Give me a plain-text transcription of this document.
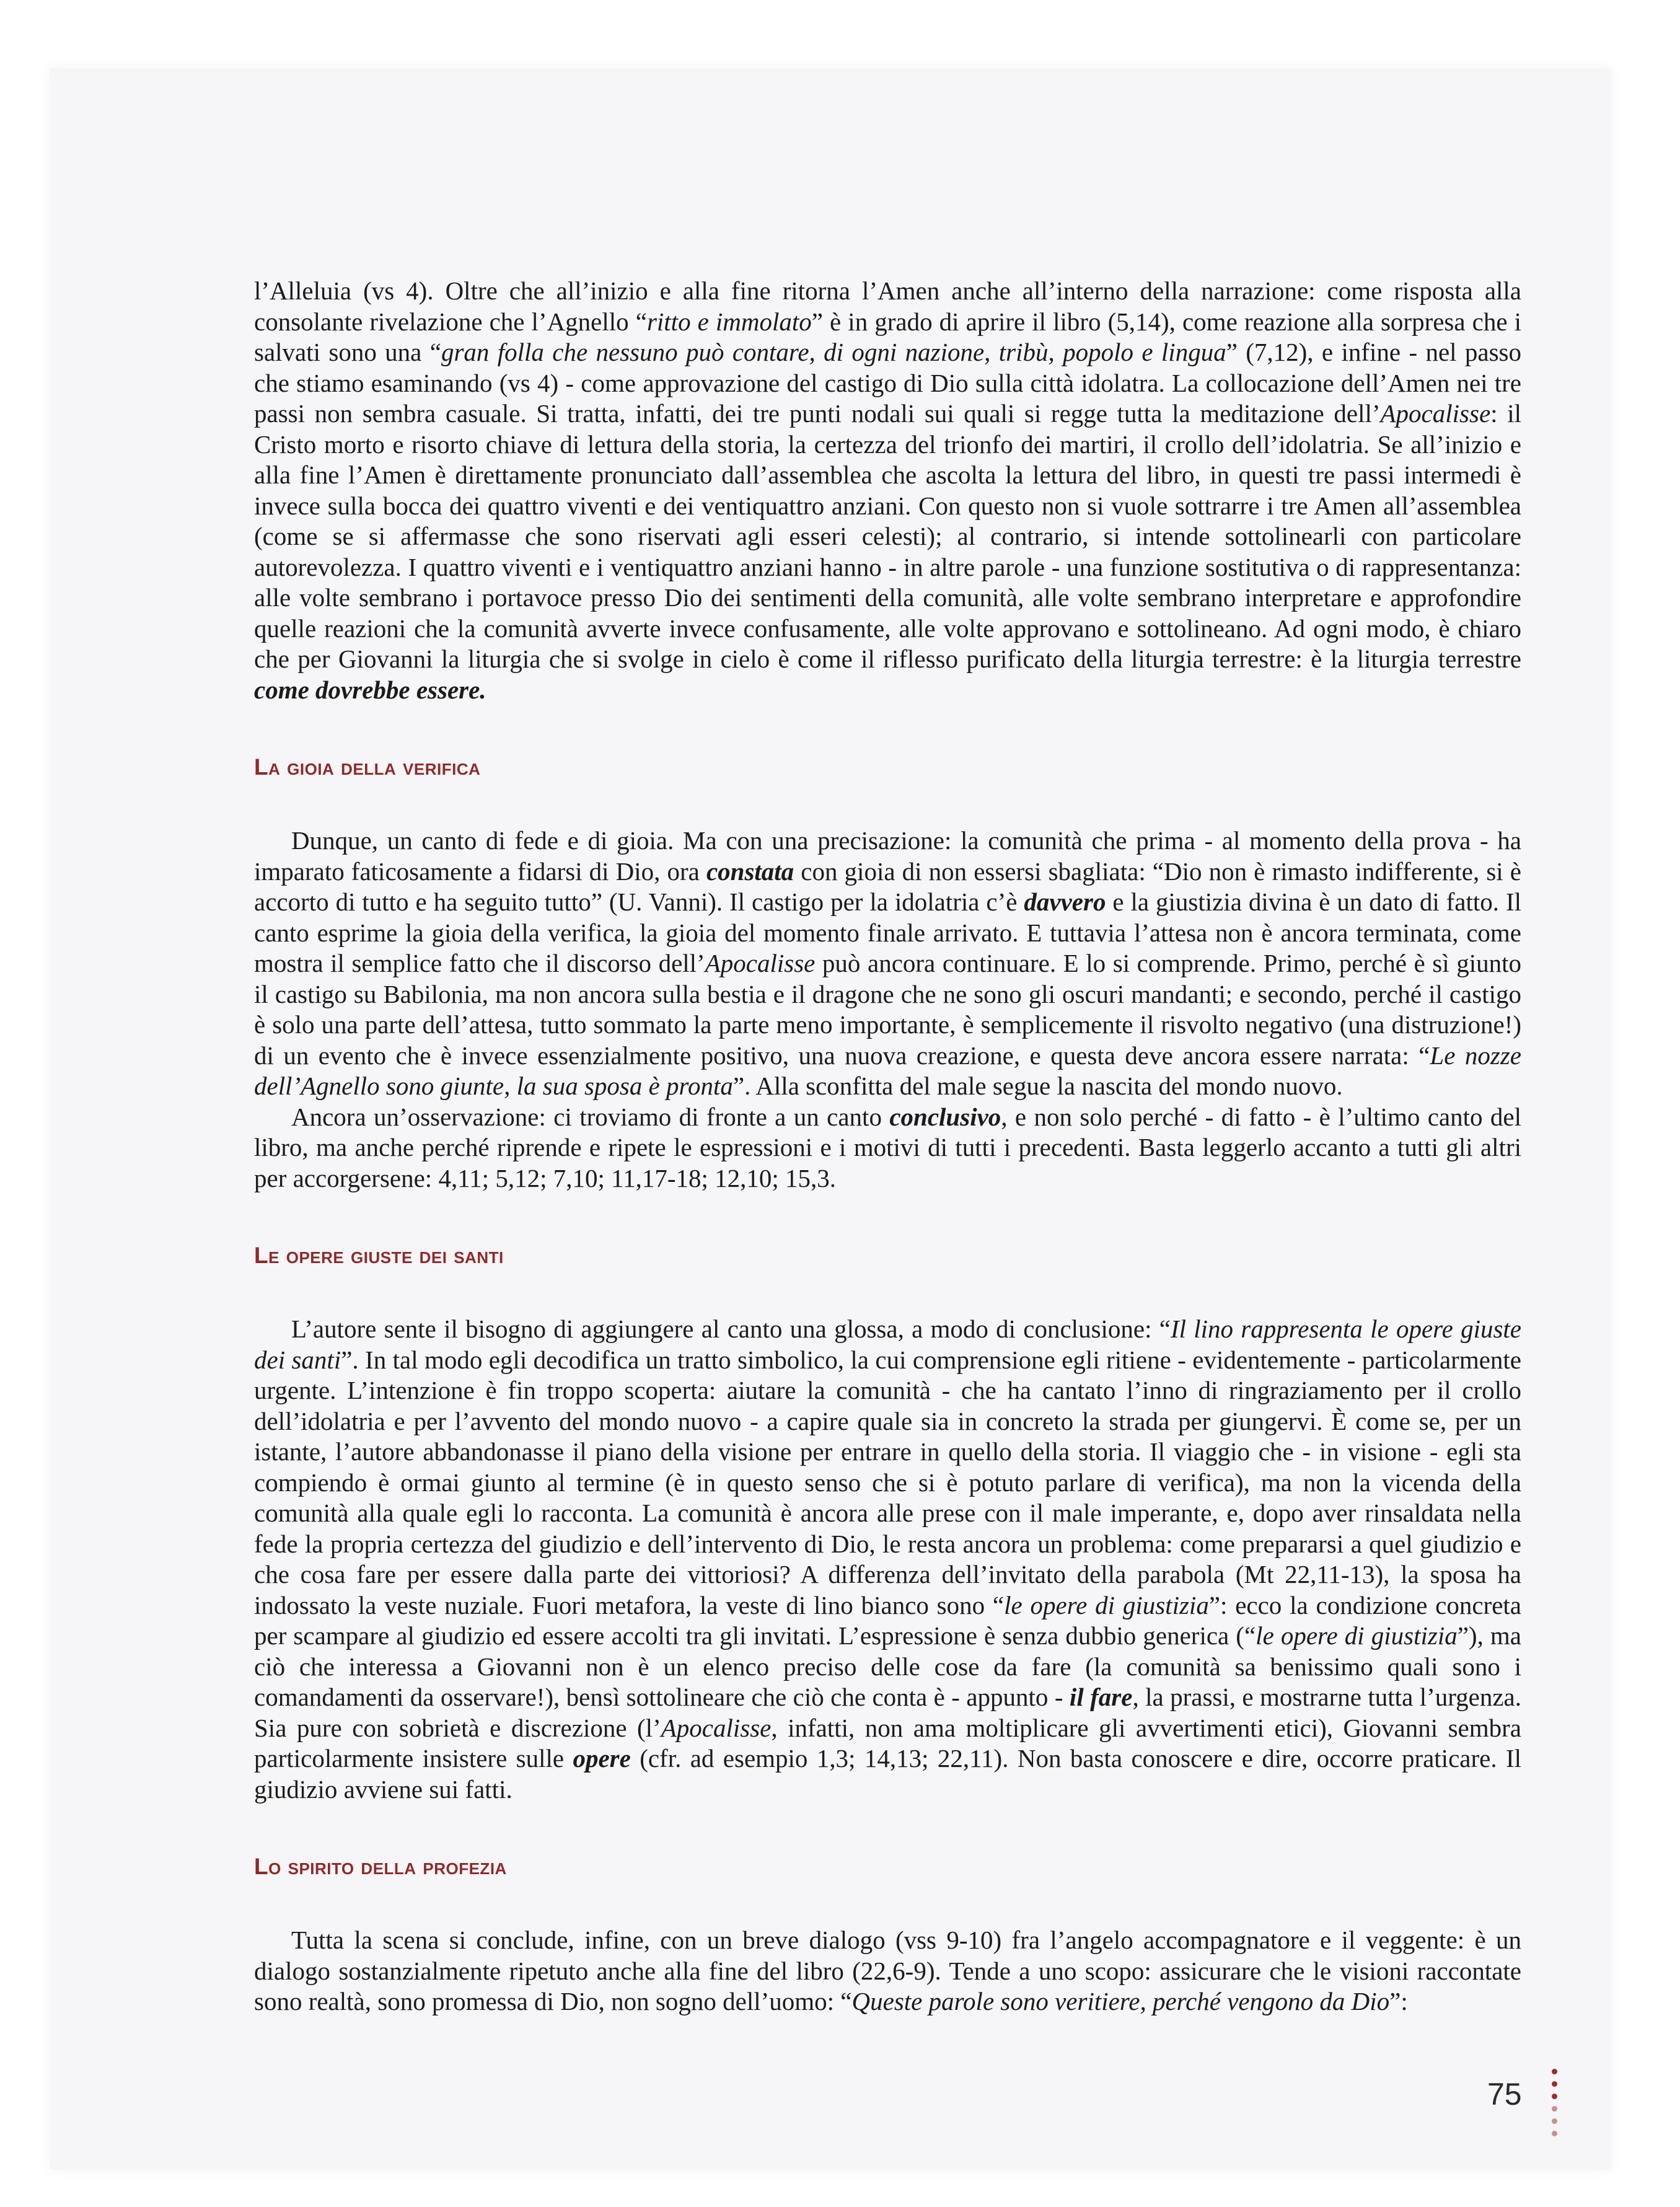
l’Alleluia (vs 4). Oltre che all’inizio e alla fine ritorna l’Amen anche all’interno della narrazione: come risposta alla consolante rivelazione che l’Agnello “ritto e immolato” è in grado di aprire il libro (5,14), come reazione alla sorpresa che i salvati sono una “gran folla che nessuno può contare, di ogni nazione, tribù, popolo e lingua” (7,12), e infine - nel passo che stiamo esaminando (vs 4) - come approvazione del castigo di Dio sulla città idolatra. La collocazione dell’Amen nei tre passi non sembra casuale. Si tratta, infatti, dei tre punti nodali sui quali si regge tutta la meditazione dell’Apocalisse: il Cristo morto e risorto chiave di lettura della storia, la certezza del trionfo dei martiri, il crollo dell’idolatria. Se all’inizio e alla fine l’Amen è direttamente pronunciato dall’assemblea che ascolta la lettura del libro, in questi tre passi intermedi è invece sulla bocca dei quattro viventi e dei ventiquattro anziani. Con questo non si vuole sottrarre i tre Amen all’assemblea (come se si affermasse che sono riservati agli esseri celesti); al contrario, si intende sottolinearli con particolare autorevolezza. I quattro viventi e i ventiquattro anziani hanno - in altre parole - una funzione sostitutiva o di rappresentanza: alle volte sembrano i portavoce presso Dio dei sentimenti della comunità, alle volte sembrano interpretare e approfondire quelle reazioni che la comunità avverte invece confusamente, alle volte approvano e sottolineano. Ad ogni modo, è chiaro che per Giovanni la liturgia che si svolge in cielo è come il riflesso purificato della liturgia terrestre: è la liturgia terrestre come dovrebbe essere.

La gioia della verifica

Dunque, un canto di fede e di gioia. Ma con una precisazione: la comunità che prima - al momento della prova - ha imparato faticosamente a fidarsi di Dio, ora constata con gioia di non essersi sbagliata: “Dio non è rimasto indifferente, si è accorto di tutto e ha seguito tutto” (U. Vanni). Il castigo per la idolatria c’è davvero e la giustizia divina è un dato di fatto. Il canto esprime la gioia della verifica, la gioia del momento finale arrivato. E tuttavia l’attesa non è ancora terminata, come mostra il semplice fatto che il discorso dell’Apocalisse può ancora continuare. E lo si comprende. Primo, perché è sì giunto il castigo su Babilonia, ma non ancora sulla bestia e il dragone che ne sono gli oscuri mandanti; e secondo, perché il castigo è solo una parte dell’attesa, tutto sommato la parte meno importante, è semplicemente il risvolto negativo (una distruzione!) di un evento che è invece essenzialmente positivo, una nuova creazione, e questa deve ancora essere narrata: “Le nozze dell’Agnello sono giunte, la sua sposa è pronta”. Alla sconfitta del male segue la nascita del mondo nuovo.

Ancora un’osservazione: ci troviamo di fronte a un canto conclusivo, e non solo perché - di fatto - è l’ultimo canto del libro, ma anche perché riprende e ripete le espressioni e i motivi di tutti i precedenti. Basta leggerlo accanto a tutti gli altri per accorgersene: 4,11; 5,12; 7,10; 11,17-18; 12,10; 15,3.

Le opere giuste dei santi

L’autore sente il bisogno di aggiungere al canto una glossa, a modo di conclusione: “Il lino rappresenta le opere giuste dei santi”. In tal modo egli decodifica un tratto simbolico, la cui comprensione egli ritiene - evidentemente - particolarmente urgente. L’intenzione è fin troppo scoperta: aiutare la comunità - che ha cantato l’inno di ringraziamento per il crollo dell’idolatria e per l’avvento del mondo nuovo - a capire quale sia in concreto la strada per giungervi. È come se, per un istante, l’autore abbandonasse il piano della visione per entrare in quello della storia. Il viaggio che - in visione - egli sta compiendo è ormai giunto al termine (è in questo senso che si è potuto parlare di verifica), ma non la vicenda della comunità alla quale egli lo racconta. La comunità è ancora alle prese con il male imperante, e, dopo aver rinsaldata nella fede la propria certezza del giudizio e dell’intervento di Dio, le resta ancora un problema: come prepararsi a quel giudizio e che cosa fare per essere dalla parte dei vittoriosi? A differenza dell’invitato della parabola (Mt 22,11-13), la sposa ha indossato la veste nuziale. Fuori metafora, la veste di lino bianco sono “le opere di giustizia”: ecco la condizione concreta per scampare al giudizio ed essere accolti tra gli invitati. L’espressione è senza dubbio generica (“le opere di giustizia”), ma ciò che interessa a Giovanni non è un elenco preciso delle cose da fare (la comunità sa benissimo quali sono i comandamenti da osservare!), bensì sottolineare che ciò che conta è - appunto - il fare, la prassi, e mostrarne tutta l’urgenza. Sia pure con sobrietà e discrezione (l’Apocalisse, infatti, non ama moltiplicare gli avvertimenti etici), Giovanni sembra particolarmente insistere sulle opere (cfr. ad esempio 1,3; 14,13; 22,11). Non basta conoscere e dire, occorre praticare. Il giudizio avviene sui fatti.

Lo spirito della profezia

Tutta la scena si conclude, infine, con un breve dialogo (vss 9-10) fra l’angelo accompagnatore e il veggente: è un dialogo sostanzialmente ripetuto anche alla fine del libro (22,6-9). Tende a uno scopo: assicurare che le visioni raccontate sono realtà, sono promessa di Dio, non sogno dell’uomo: “Queste parole sono veritiere, perché vengono da Dio”:

75
